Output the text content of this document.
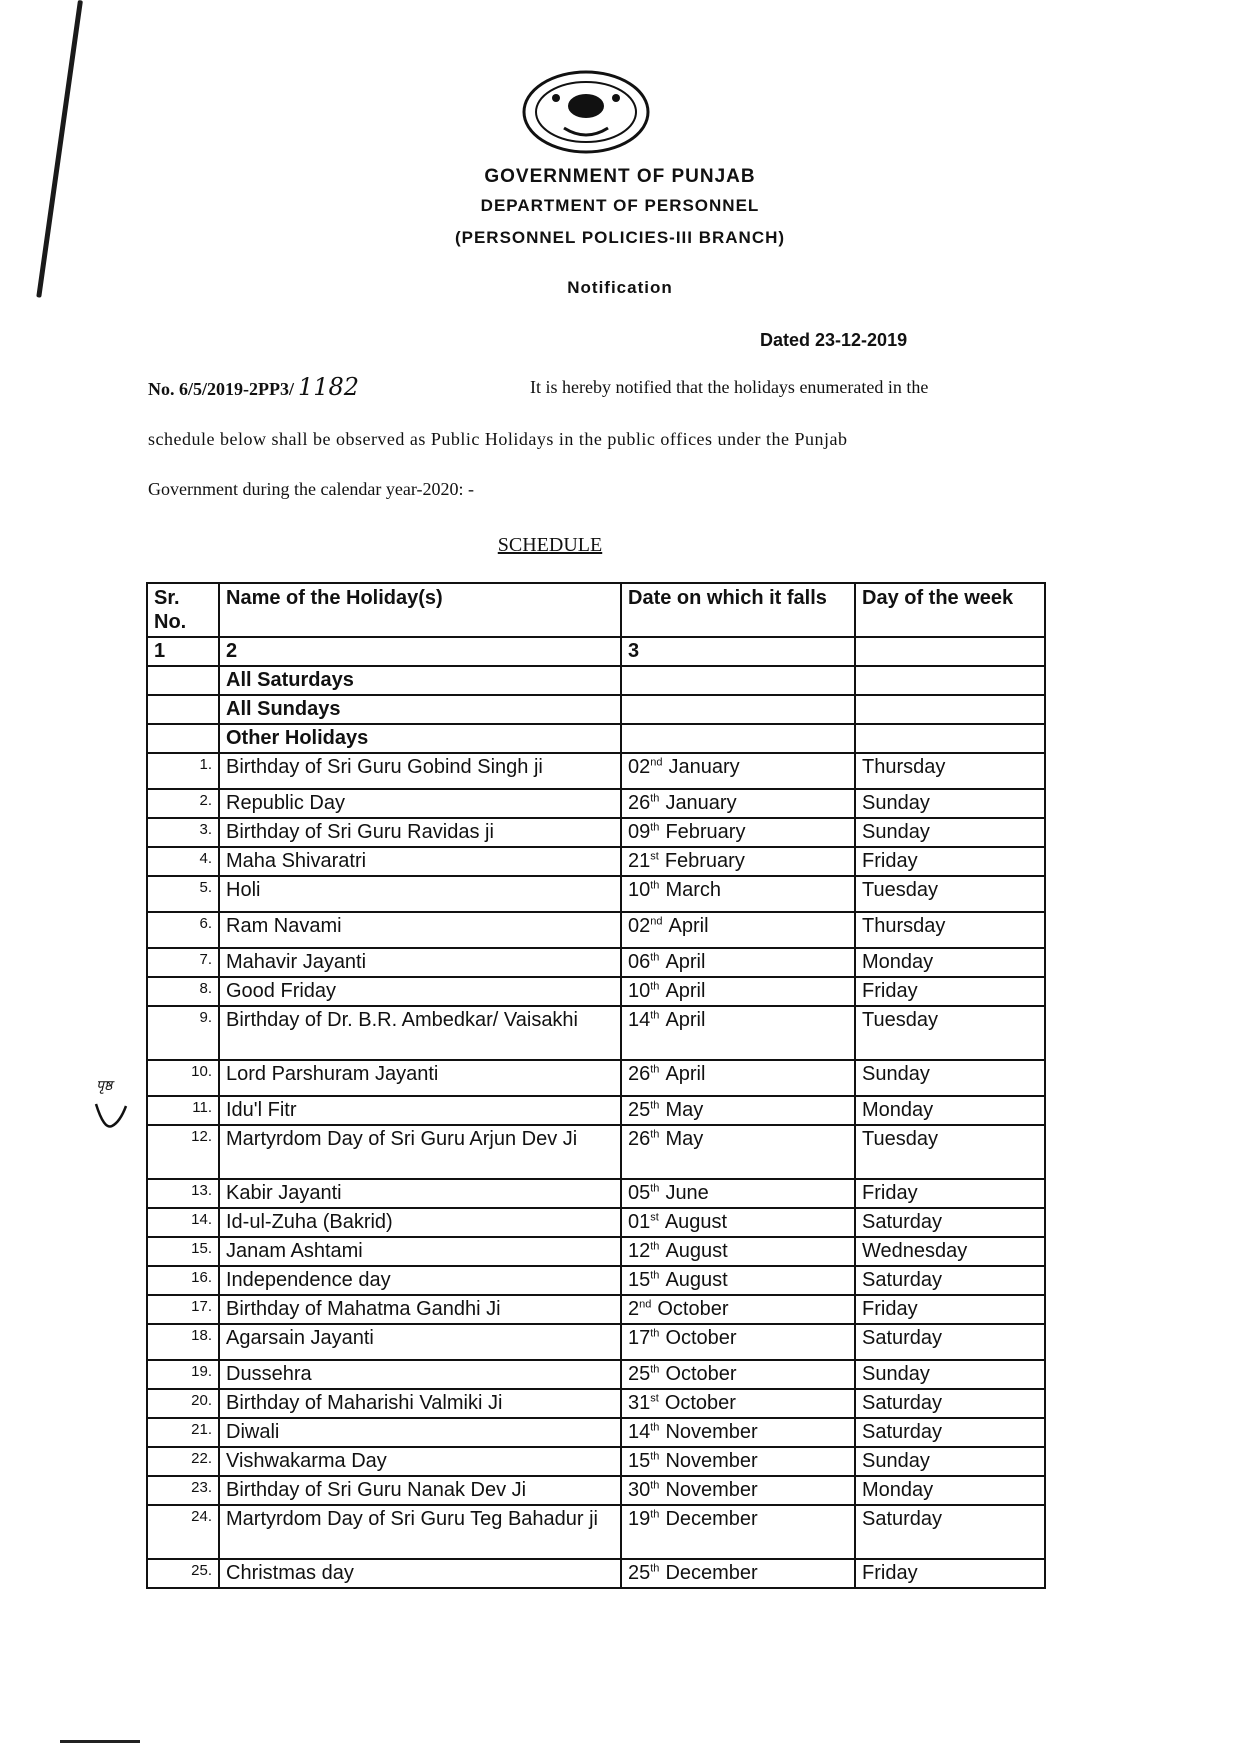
GOVERNMENT OF PUNJAB
DEPARTMENT OF PERSONNEL
(PERSONNEL POLICIES-III BRANCH)
Notification
Dated 23-12-2019
No. 6/5/2019-2PP3/ 1182	It is hereby notified that the holidays enumerated in the
schedule below shall be observed as Public Holidays in the public offices under the Punjab
Government during the calendar year-2020: -
SCHEDULE
Sr. No.	Name of the Holiday(s)	Date on which it falls	Day of the week
1	2	3	
	All Saturdays		
	All Sundays		
	Other Holidays		
1.	Birthday of Sri Guru Gobind Singh ji	02nd January	Thursday
2.	Republic Day	26th January	Sunday
3.	Birthday of Sri Guru Ravidas ji	09th February	Sunday
4.	Maha Shivaratri	21st February	Friday
5.	Holi	10th March	Tuesday
6.	Ram Navami	02nd April	Thursday
7.	Mahavir Jayanti	06th April	Monday
8.	Good Friday	10th April	Friday
9.	Birthday of Dr. B.R. Ambedkar/ Vaisakhi	14th April	Tuesday
10.	Lord Parshuram Jayanti	26th April	Sunday
11.	Idu'l Fitr	25th May	Monday
12.	Martyrdom Day of Sri Guru Arjun Dev Ji	26th May	Tuesday
13.	Kabir Jayanti	05th June	Friday
14.	Id-ul-Zuha (Bakrid)	01st August	Saturday
15.	Janam Ashtami	12th August	Wednesday
16.	Independence day	15th August	Saturday
17.	Birthday of Mahatma Gandhi Ji	2nd October	Friday
18.	Agarsain Jayanti	17th October	Saturday
19.	Dussehra	25th October	Sunday
20.	Birthday of Maharishi Valmiki Ji	31st October	Saturday
21.	Diwali	14th November	Saturday
22.	Vishwakarma Day	15th November	Sunday
23.	Birthday of Sri Guru Nanak Dev Ji	30th November	Monday
24.	Martyrdom Day of Sri Guru Teg Bahadur ji	19th December	Saturday
25.	Christmas day	25th December	Friday
पृष्ठ
